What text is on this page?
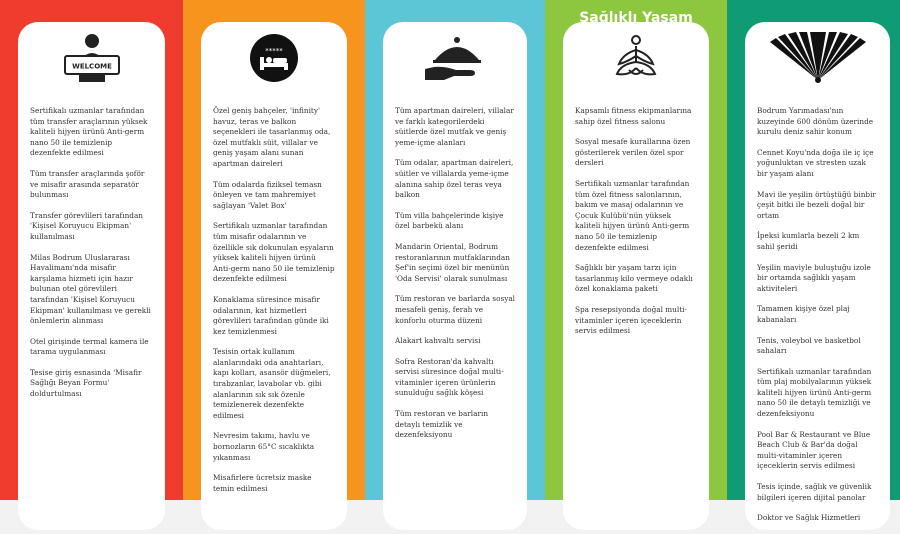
WELCOME

Sertifikalı uzmanlar tarafından tüm transfer araçlarının yüksek kaliteli hijyen ürünü Anti-germ nano 50 ile temizlenip dezenfekte edilmesi

Tüm transfer araçlarında şoför ve misafir arasında separatör bulunması

Transfer görevlileri tarafından 'Kişisel Koruyucu Ekipman' kullanılması

Milas Bodrum Uluslararası Havalimanı'nda misafir karşılama hizmeti için hazır bulunan otel görevlileri tarafından 'Kişisel Koruyucu Ekipman' kullanılması ve gerekli önlemlerin alınması

Otel girişinde termal kamera ile tarama uygulanması

Tesise giriş esnasında 'Misafir Sağlığı Beyan Formu' doldurtulması

*****

Özel geniş bahçeler, 'infinity' havuz, teras ve balkon seçenekleri ile tasarlanmış oda, özel mutfaklı süit, villalar ve geniş yaşam alanı sunan apartman daireleri

Tüm odalarda fiziksel temasn önleyen ve tam mahremiyet sağlayan 'Valet Box'

Sertifikalı uzmanlar tarafından tüm misafir odalarının ve özellikle sık dokunulan eşyaların yüksek kaliteli hijyen ürünü Anti-germ nano 50 ile temizlenip dezenfekte edilmesi

Konaklama süresince misafir odalarının, kat hizmetleri görevlileri tarafından günde iki kez temizlenmesi

Tesisin ortak kullanım alanlarındaki oda anahtarları, kapı kolları, asansör düğmeleri, tırabzanlar, lavabolar vb. gibi alanlarının sık sık özenle temizlenerek dezenfekte edilmesi

Nevresim takımı, havlu ve bornozların 65°C sıcaklıkta yıkanması

Misafirlere ücretsiz maske temin edilmesi

Tüm apartman daireleri, villalar ve farklı kategorilerdeki süitlerde özel mutfak ve geniş yeme-içme alanları

Tüm odalar, apartman daireleri, süitler ve villalarda yeme-içme alanına sahip özel teras veya balkon

Tüm villa bahçelerinde kişiye özel barbekü alanı

Mandarin Oriental, Bodrum restoranlarının mutfaklarından Şef'in seçimi özel bir menünün 'Oda Servisi' olarak sunulması

Tüm restoran ve barlarda sosyal mesafeli geniş, ferah ve konforlu oturma düzeni

Alakart kahvaltı servisi

Sofra Restoran'da kahvaltı servisi süresince doğal multi-vitaminler içeren ürünlerin sunulduğu sağlık köşesi

Tüm restoran ve barların detaylı temizlik ve dezenfeksiyonu

Sağlıklı Yaşam

Kapsamlı fitness ekipmanlarına sahip özel fitness salonu

Sosyal mesafe kurallarına özen gösterilerek verilen özel spor dersleri

Sertifikalı uzmanlar tarafından tüm özel fitness salonlarının, bakım ve masaj odalarının ve Çocuk Kulübü'nün yüksek kaliteli hijyen ürünü Anti-germ nano 50 ile temizlenip dezenfekte edilmesi

Sağlıklı bir yaşam tarzı için tasarlanmış kilo vermeye odaklı özel konaklama paketi

Spa resepsiyonda doğal multi-vitaminler içeren içeceklerin servis edilmesi

Bodrum Yarımadası'nın kuzeyinde 600 dönüm üzerinde kurulu deniz sahir konum

Cennet Koyu'nda doğa ile iç içe yoğunluktan ve stresten uzak bir yaşam alanı

Mavi ile yeşilin örtüştüğü binbir çeşit bitki ile bezeli doğal bir ortam

İpeksi kumlarla bezeli 2 km sahil şeridi

Yeşilin maviyle buluştuğu izole bir ortamda sağlıklı yaşam aktiviteleri

Tamamen kişiye özel plaj kabanaları

Tenis, voleybol ve basketbol sahaları

Sertifikalı uzmanlar tarafından tüm plaj mobilyalarının yüksek kaliteli hijyen ürünü Anti-germ nano 50 ile detaylı temizliği ve dezenfeksiyonu

Pool Bar & Restaurant ve Blue Beach Club & Bar'da doğal multi-vitaminler içeren içeceklerin servis edilmesi

Tesis içinde, sağlık ve güvenlik bilgileri içeren dijital panolar

Doktor ve Sağlık Hizmetleri
